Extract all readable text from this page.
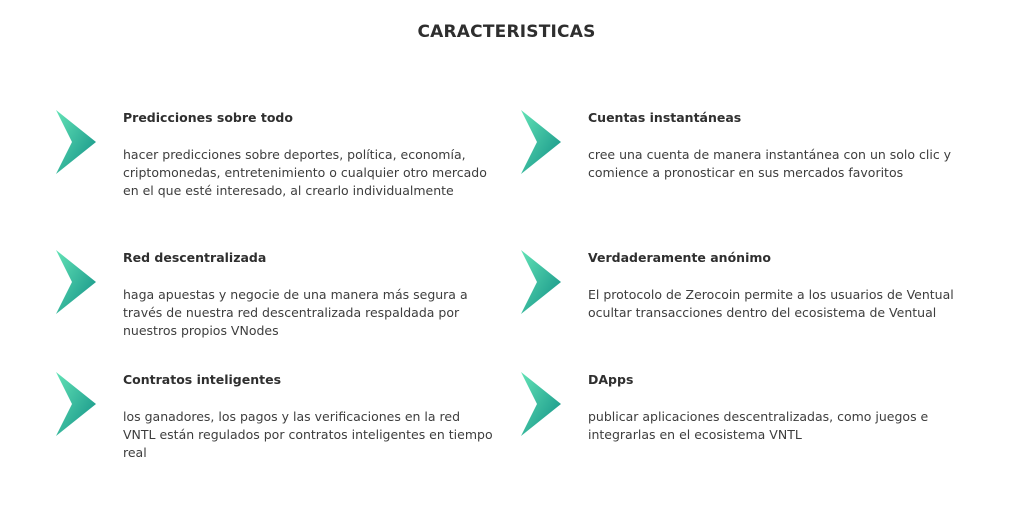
CARACTERISTICAS
Predicciones sobre todo
hacer predicciones sobre deportes, política, economía, criptomonedas, entretenimiento o cualquier otro mercado en el que esté interesado, al crearlo individualmente
Cuentas instantáneas
cree una cuenta de manera instantánea con un solo clic y comience a pronosticar en sus mercados favoritos
Red descentralizada
haga apuestas y negocie de una manera más segura a través de nuestra red descentralizada respaldada por nuestros propios VNodes
Verdaderamente anónimo
El protocolo de Zerocoin permite a los usuarios de Ventual ocultar transacciones dentro del ecosistema de Ventual
Contratos inteligentes
los ganadores, los pagos y las verificaciones en la red VNTL están regulados por contratos inteligentes en tiempo real
DApps
publicar aplicaciones descentralizadas, como juegos e integrarlas en el ecosistema VNTL
